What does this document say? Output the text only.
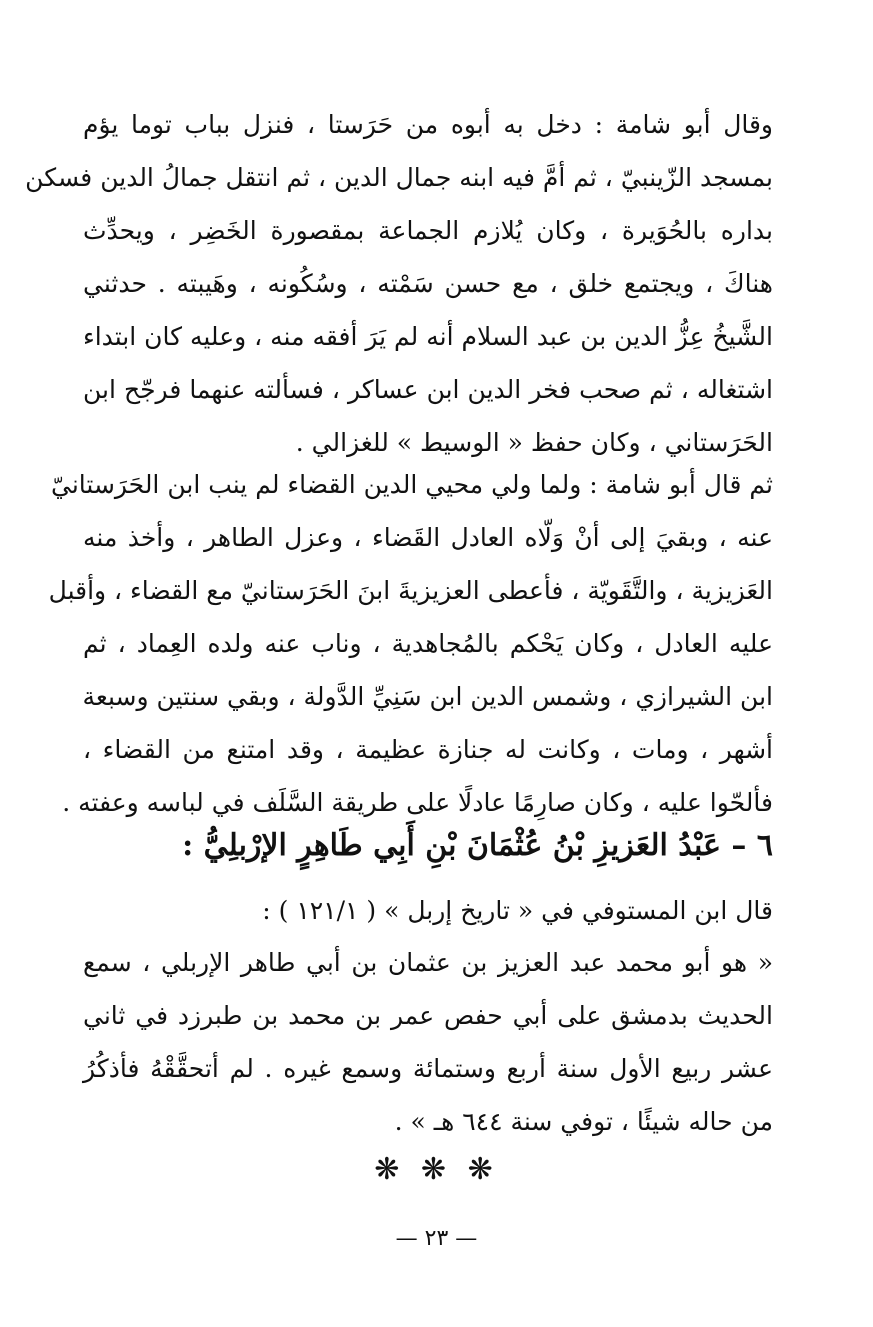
وقال أبو شامة : دخل به أبوه من حَرَستا ، فنزل بباب توما يؤم
بمسجد الزّينبيّ ، ثم أمَّ فيه ابنه جمال الدين ، ثم انتقل جمالُ الدين فسكن
بداره بالحُوَيرة ، وكان يُلازم الجماعة بمقصورة الخَضِر ، ويحدِّث
هناكَ ، ويجتمع خلق ، مع حسن سَمْته ، وسُكُونه ، وهَيبته . حدثني
الشَّيخُ عِزُّ الدين بن عبد السلام أنه لم يَرَ أفقه منه ، وعليه كان ابتداء
اشتغاله ، ثم صحب فخر الدين ابن عساكر ، فسألته عنهما فرجّح ابن
الحَرَستاني ، وكان حفظ « الوسيط » للغزالي .

ثم قال أبو شامة : ولما ولي محيي الدين القضاء لم ينب ابن الحَرَستانيّ
عنه ، وبقيَ إلى أنْ وَلّاه العادل القَضاء ، وعزل الطاهر ، وأخذ منه
العَزيزية ، والتَّقَويّة ، فأعطى العزيزيةَ ابنَ الحَرَستانيّ مع القضاء ، وأقبل
عليه العادل ، وكان يَحْكم بالمُجاهدية ، وناب عنه ولده العِماد ، ثم
ابن الشيرازي ، وشمس الدين ابن سَنِيِّ الدَّولة ، وبقي سنتين وسبعة
أشهر ، ومات ، وكانت له جنازة عظيمة ، وقد امتنع من القضاء ،
فألحّوا عليه ، وكان صارِمًا عادلًا على طريقة السَّلَف في لباسه وعفته .

٦ – عَبْدُ العَزيزِ بْنُ عُثْمَانَ بْنِ أَبِي طَاهِرٍ الإرْبلِيُّ :

قال ابن المستوفي في « تاريخ إربل » ( ١٢١/١ ) :

« هو أبو محمد عبد العزيز بن عثمان بن أبي طاهر الإربلي ، سمع
الحديث بدمشق على أبي حفص عمر بن محمد بن طبرزد في ثاني
عشر ربيع الأول سنة أربع وستمائة وسمع غيره . لم أتحقَّقْهُ فأذكُرُ
من حاله شيئًا ، توفي سنة ٦٤٤ هـ » .

❋ ❋ ❋
— ٢٣ —
